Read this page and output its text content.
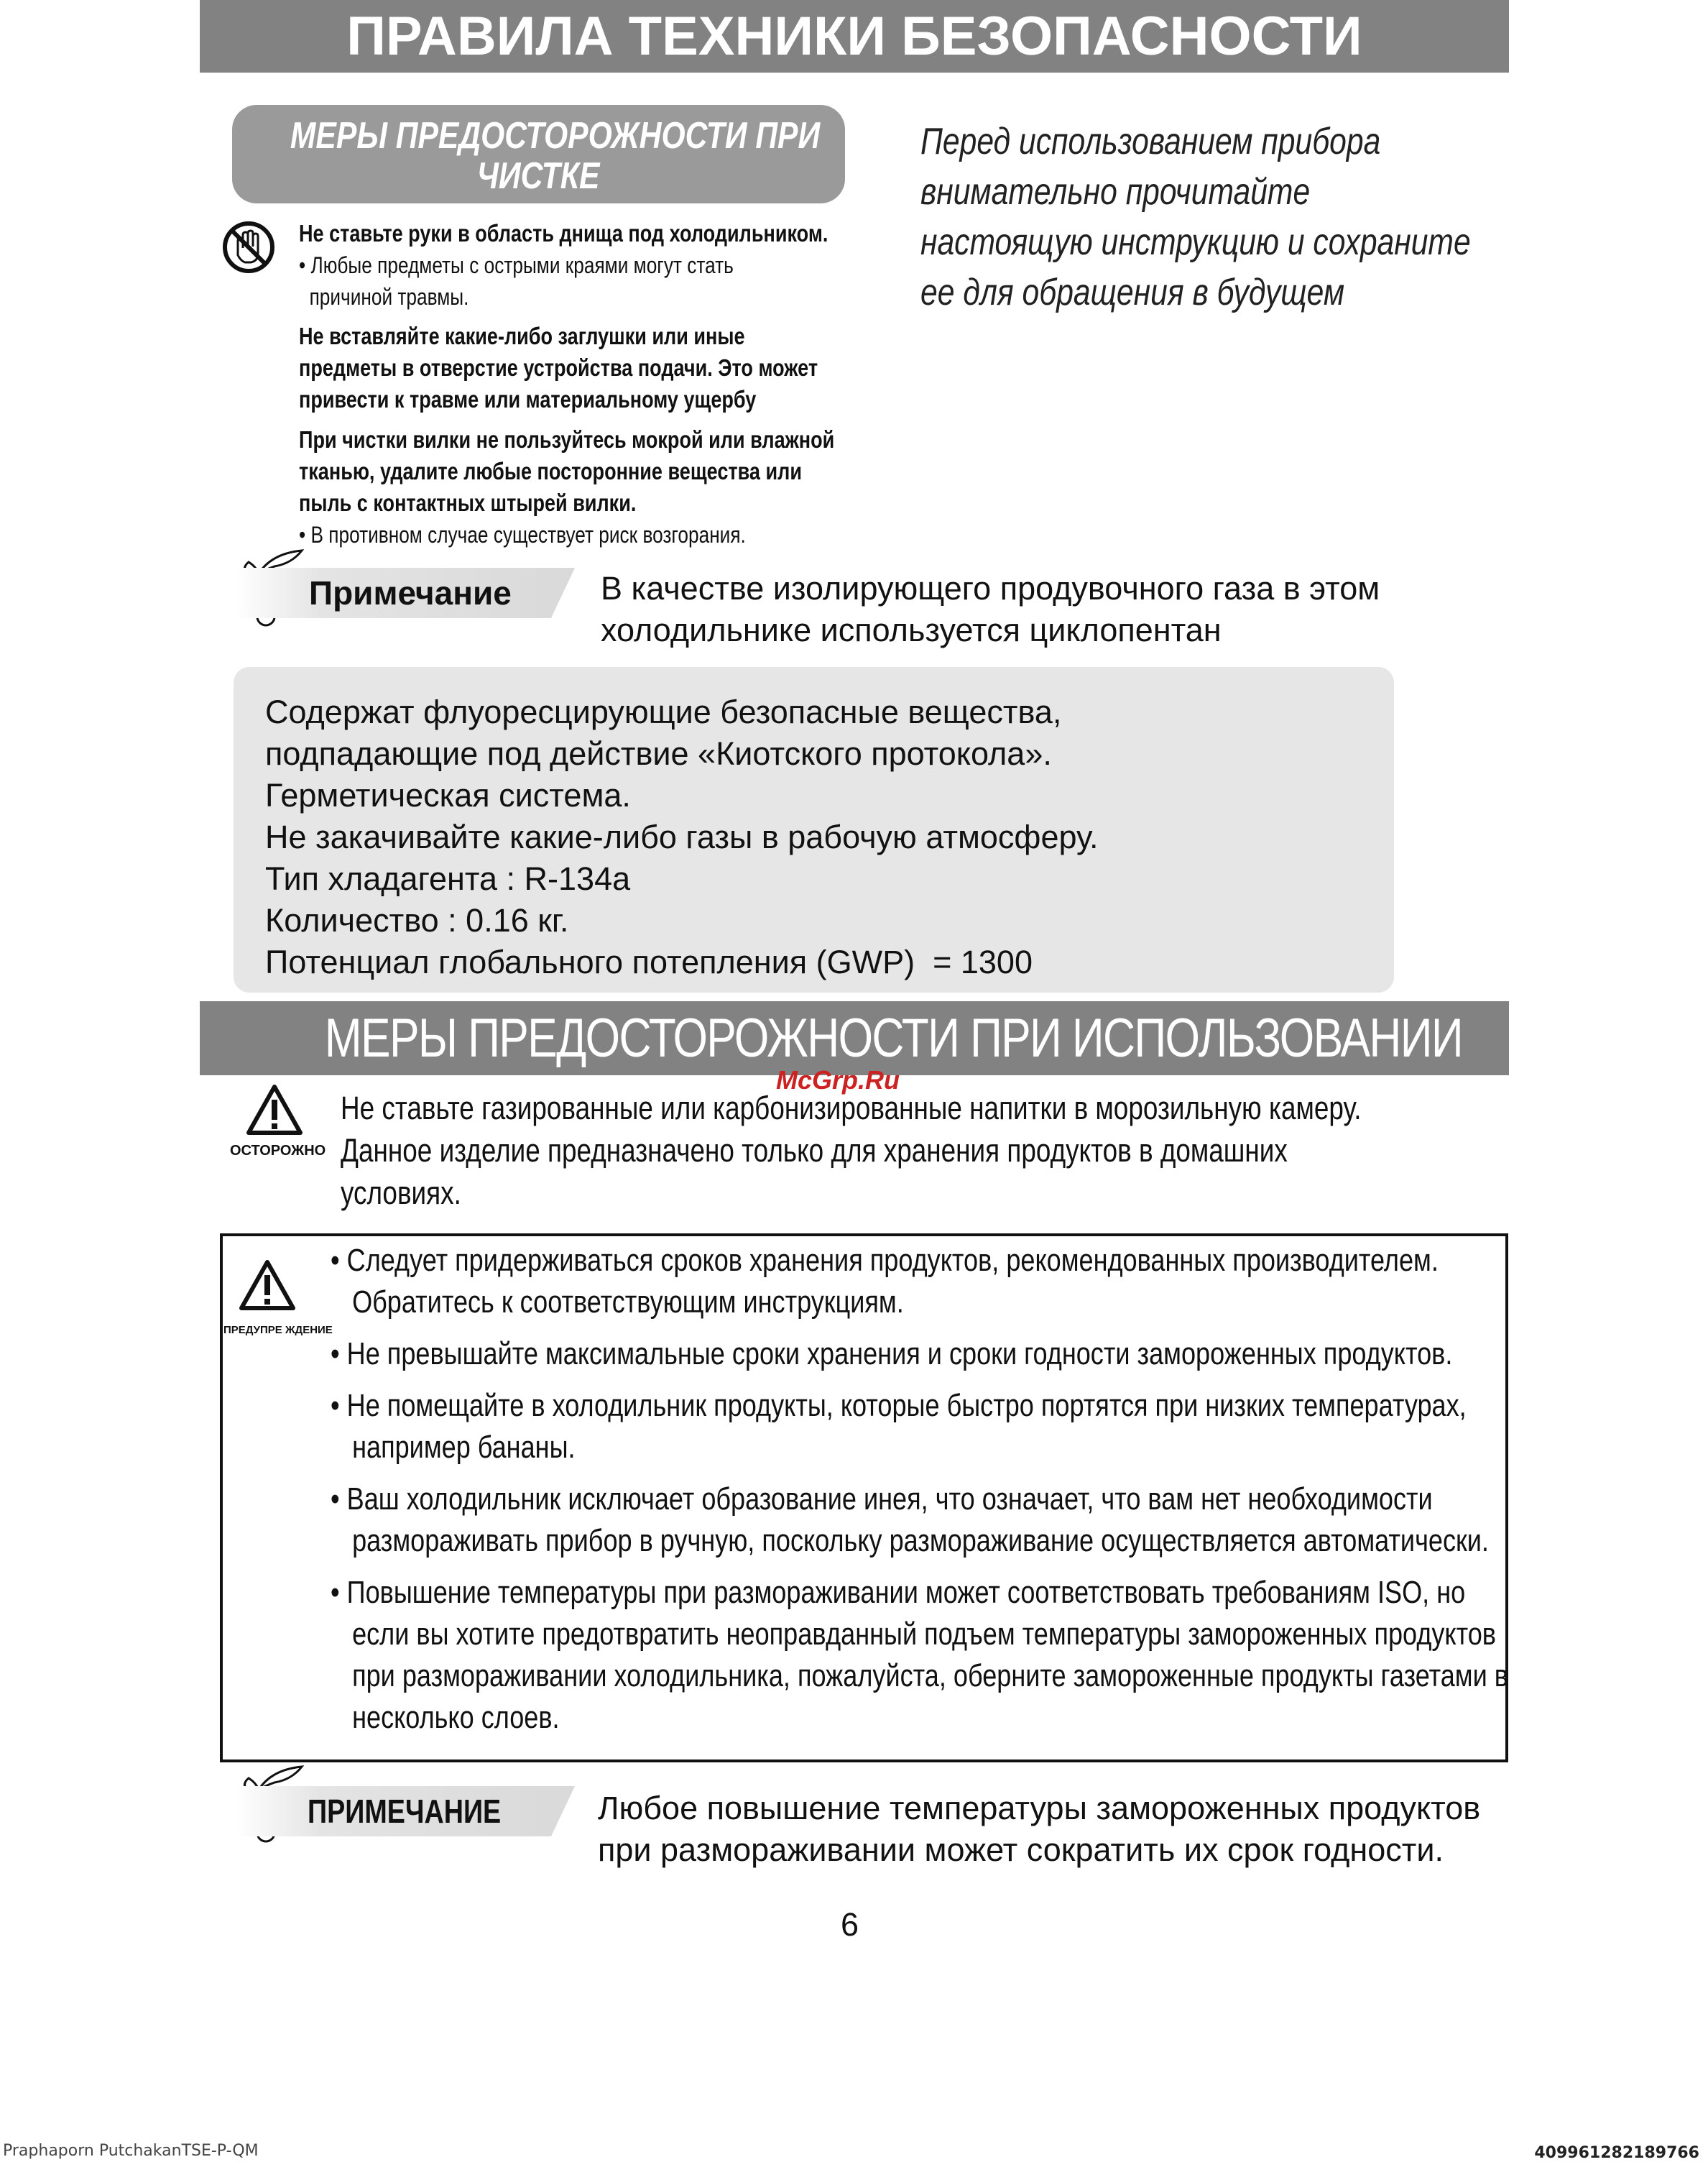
ПРАВИЛА ТЕХНИКИ БЕЗОПАСНОСТИ
МЕРЫ ПРЕДОСТОРОЖНОСТИ ПРИ
ЧИСТКЕ
Не ставьте руки в область днища под холодильником.
• Любые предметы с острыми краями могут стать
причиной травмы.
Не вставляйте какие-либо заглушки или иные
предметы в отверстие устройства подачи. Это может
привести к травме или материальному ущербу
При чистки вилки не пользуйтесь мокрой или влажной
тканью, удалите любые посторонние вещества или
пыль с контактных штырей вилки.
• В противном случае существует риск возгорания.
Перед использованием прибора
внимательно прочитайте
настоящую инструкцию и сохраните
ее для обращения в будущем
Примечание	В качестве изолирующего продувочного газа в этом
холодильнике используется циклопентан
Содержат флуоресцирующие безопасные вещества,
подпадающие под действие «Киотского протокола».
Герметическая система.
Не закачивайте какие-либо газы в рабочую атмосферу.
Тип хладагента : R-134a
Количество : 0.16 кг.
Потенциал глобального потепления (GWP)  = 1300
МЕРЫ ПРЕДОСТОРОЖНОСТИ ПРИ ИСПОЛЬЗОВАНИИ
McGrp.Ru
ОСТОРОЖНО
Не ставьте газированные или карбонизированные напитки в морозильную камеру.
Данное изделие предназначено только для хранения продуктов в домашних
условиях.
ПРЕДУПРЕ ЖДЕНИЕ
• Следует придерживаться сроков хранения продуктов, рекомендованных производителем.
Обратитесь к соответствующим инструкциям.
• Не превышайте максимальные сроки хранения и сроки годности замороженных продуктов.
• Не помещайте в холодильник продукты, которые быстро портятся при низких температурах,
например бананы.
• Ваш холодильник исключает образование инея, что означает, что вам нет необходимости
размораживать прибор в ручную, поскольку размораживание осуществляется автоматически.
• Повышение температуры при размораживании может соответствовать требованиям ISO, но
если вы хотите предотвратить неоправданный подъем температуры замороженных продуктов
при размораживании холодильника, пожалуйста, оберните замороженные продукты газетами в
несколько слоев.
ПРИМЕЧАНИЕ	Любое повышение температуры замороженных продуктов
при размораживании может сократить их срок годности.
6
Praphaporn PutchakanTSE-P-QM	409961282189766
